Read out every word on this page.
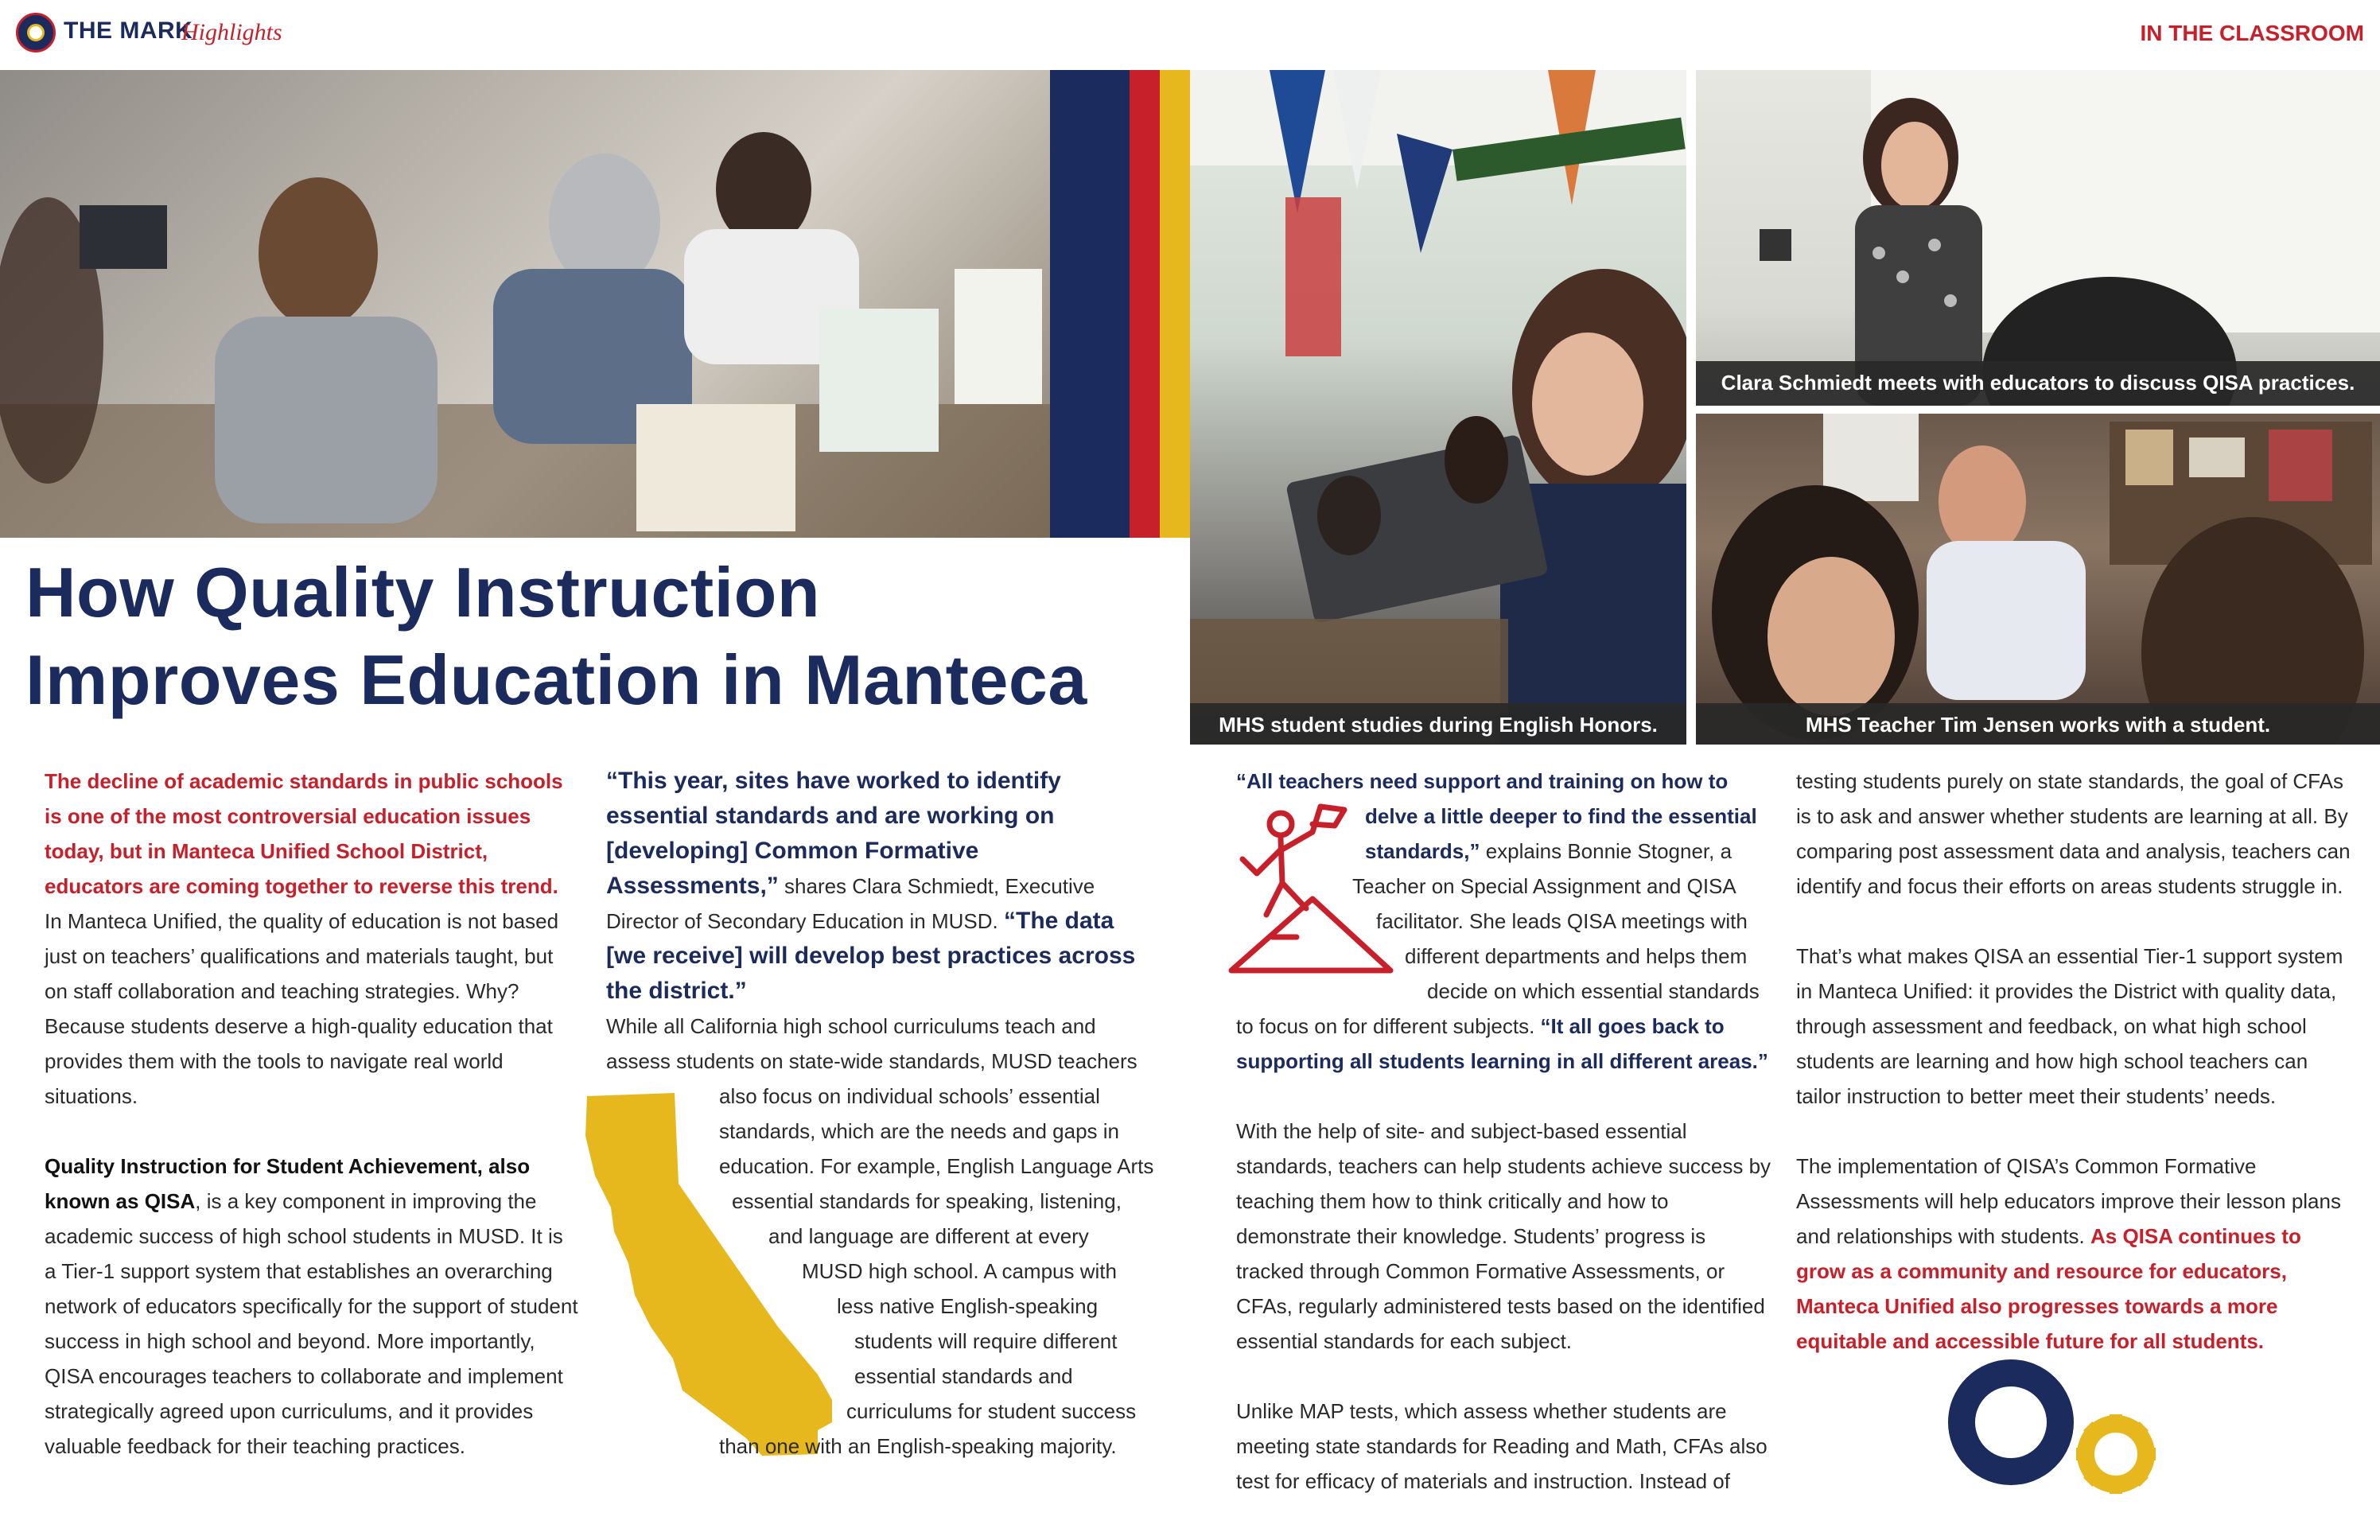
THE MARK
Highlights	IN THE CLASSROOM
MHS student studies during English Honors.
Clara Schmiedt meets with educators to discuss QISA practices.
MHS Teacher Tim Jensen works with a student.
How Quality Instruction
Improves Education in Manteca

The decline of academic standards in public schools is one of the most controversial education issues today, but in Manteca Unified School District, educators are coming together to reverse this trend. In Manteca Unified, the quality of education is not based just on teachers’ qualifications and materials taught, but on staff collaboration and teaching strategies. Why? Because students deserve a high-quality education that provides them with the tools to navigate real world situations.

Quality Instruction for Student Achievement, also known as QISA, is a key component in improving the academic success of high school students in MUSD. It is a Tier-1 support system that establishes an overarching network of educators specifically for the support of student success in high school and beyond. More importantly, QISA encourages teachers to collaborate and implement strategically agreed upon curriculums, and it provides valuable feedback for their teaching practices.

“This year, sites have worked to identify essential standards and are working on [developing] Common Formative Assessments,” shares Clara Schmiedt, Executive Director of Secondary Education in MUSD. “The data [we receive] will develop best practices across the district.”

While all California high school curriculums teach and
assess students on state-wide standards, MUSD teachers
also focus on individual schools’ essential
standards, which are the needs and gaps in
education. For example, English Language Arts
essential standards for speaking, listening,
and language are different at every
MUSD high school. A campus with
less native English-speaking
students will require different
essential standards and
curriculums for student success
than one with an English-speaking majority.
“All teachers need support and training on how to
delve a little deeper to find the essential
standards,” explains Bonnie Stogner, a
Teacher on Special Assignment and QISA
facilitator. She leads QISA meetings with
different departments and helps them
decide on which essential standards

to focus on for different subjects. “It all goes back to supporting all students learning in all different areas.”

With the help of site- and subject-based essential standards, teachers can help students achieve success by teaching them how to think critically and how to demonstrate their knowledge. Students’ progress is tracked through Common Formative Assessments, or CFAs, regularly administered tests based on the identified essential standards for each subject.

Unlike MAP tests, which assess whether students are meeting state standards for Reading and Math, CFAs also test for efficacy of materials and instruction. Instead of

testing students purely on state standards, the goal of CFAs is to ask and answer whether students are learning at all. By comparing post assessment data and analysis, teachers can identify and focus their efforts on areas students struggle in.

That’s what makes QISA an essential Tier-1 support system in Manteca Unified: it provides the District with quality data, through assessment and feedback, on what high school students are learning and how high school teachers can tailor instruction to better meet their students’ needs.

The implementation of QISA’s Common Formative Assessments will help educators improve their lesson plans and relationships with students. As QISA continues to grow as a community and resource for educators, Manteca Unified also progresses towards a more equitable and accessible future for all students.
